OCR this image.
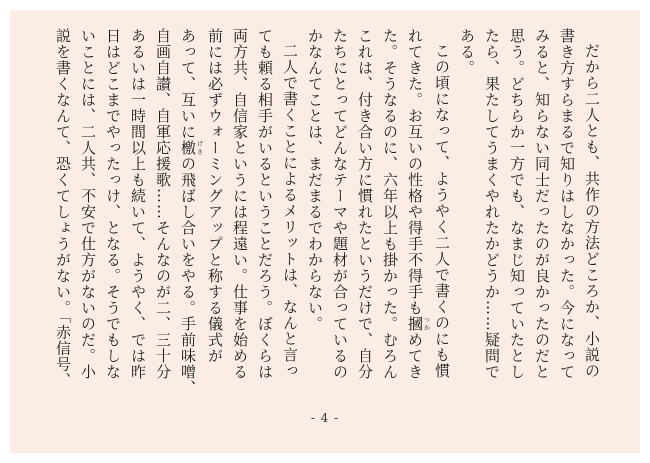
だから二人とも、共作の方法どころか、小説の
書き方すらまるで知りはしなかった。今になって
みると、知らない同士だったのが良かったのだと
思う。どちらか一方でも、なまじ知っていたとし
たら、果たしてうまくやれたかどうか……疑問で
ある。
この頃になって、ようやく二人で書くのにも慣
れてきた。お互いの性格や得手不得手も摑つかめてき
た。そうなるのに、六年以上も掛かった。むろん
これは、付き合い方に慣れたというだけで、自分
たちにとってどんなテーマや題材が合っているの
かなんてことは、まだまるでわからない。
二人で書くことによるメリットは、なんと言っ
ても頼る相手がいるということだろう。ぼくらは
両方共、自信家というには程遠い。仕事を始める
前には必ずウォーミングアップと称する儀式が
あって、互いに檄げきの飛ばし合いをやる。手前味噌、
自画自讃、自軍応援歌……そんなのが二、三十分
あるいは一時間以上も続いて、ようやく、では昨
日はどこまでやったっけ、となる。そうでもしな
いことには、二人共、不安で仕方がないのだ。小
説を書くなんて、恐くてしょうがない。「赤信号、
- 4 -
